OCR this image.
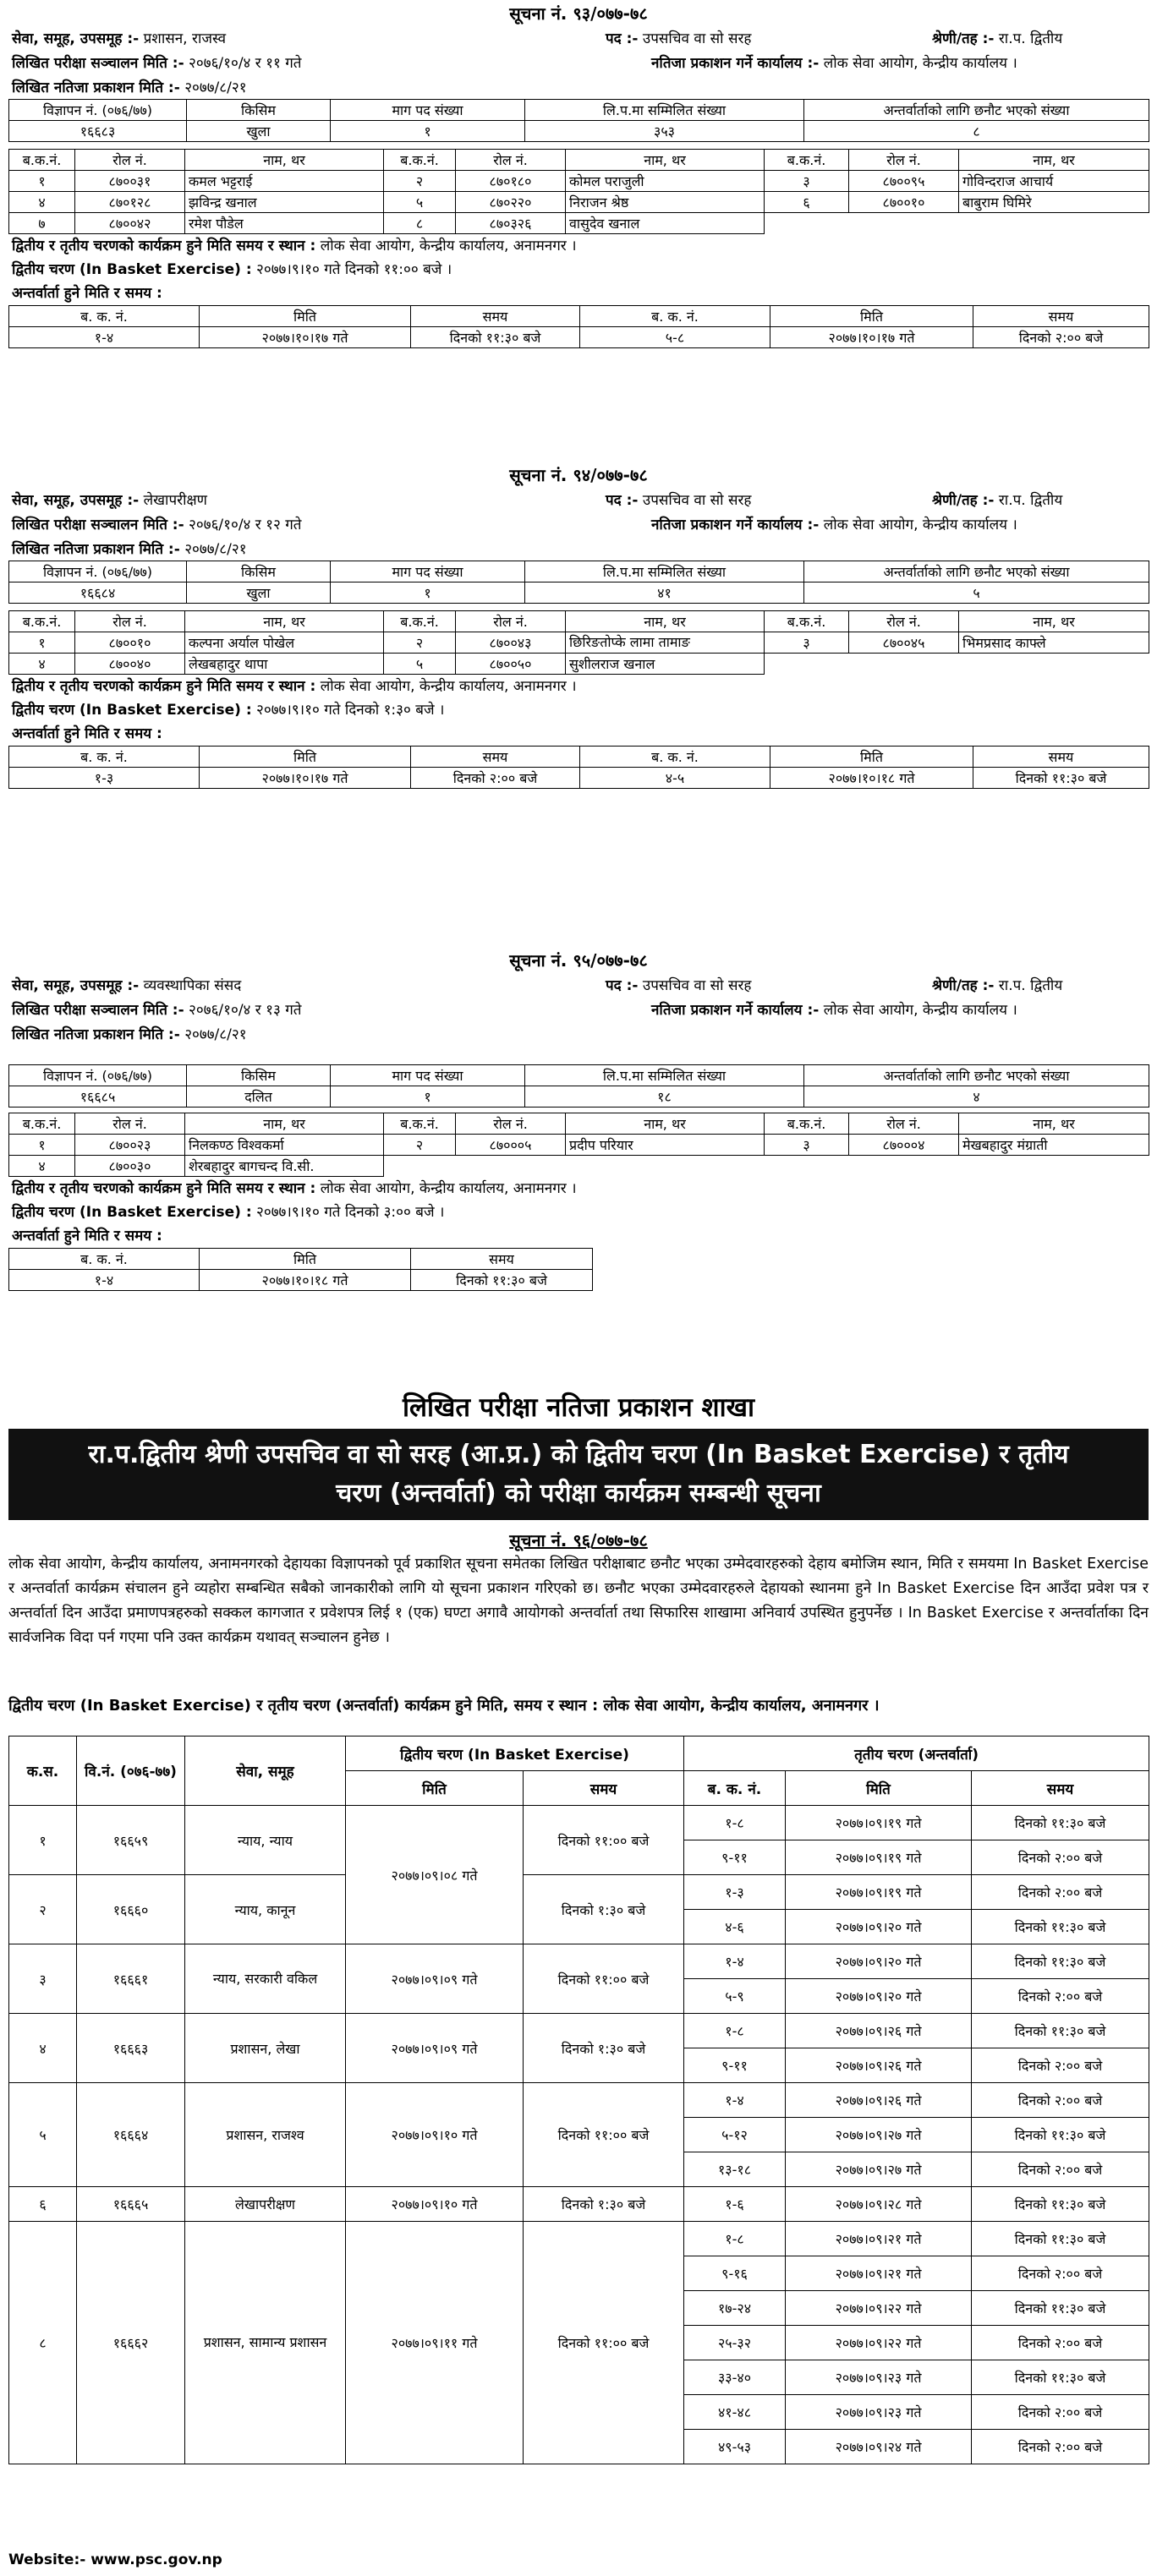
सूचना नं. ९३/०७७-७८
सेवा, समूह, उपसमूह :- प्रशासन, राजस्व	पद :- उपसचिव वा सो सरह	श्रेणी/तह :- रा.प. द्वितीय
लिखित परीक्षा सञ्चालन मिति :- २०७६/१०/४ र ११ गते	नतिजा प्रकाशन गर्ने कार्यालय :- लोक सेवा आयोग, केन्द्रीय कार्यालय ।
लिखित नतिजा प्रकाशन मिति :- २०७७/८/२१
विज्ञापन नं. (०७६/७७)	किसिम	माग पद संख्या	लि.प.मा सम्मिलित संख्या	अन्तर्वार्ताको लागि छनौट भएको संख्या
१६६८३	खुला	१	३५३	८
ब.क.नं.	रोल नं.	नाम, थर	ब.क.नं.	रोल नं.	नाम, थर	ब.क.नं.	रोल नं.	नाम, थर
१	८७००३१	कमल भट्टराई	२	८७०१८०	कोमल पराजुली	३	८७००९५	गोविन्दराज आचार्य
४	८७०१२८	झविन्द्र खनाल	५	८७०२२०	निराजन श्रेष्ठ	६	८७००१०	बाबुराम घिमिरे
७	८७००४२	रमेश पौडेल	८	८७०३२६	वासुदेव खनाल			
द्वितीय र तृतीय चरणको कार्यक्रम हुने मिति समय र स्थान : लोक सेवा आयोग, केन्द्रीय कार्यालय, अनामनगर ।
द्वितीय चरण (In Basket Exercise) : २०७७।९।१० गते दिनको ११:०० बजे ।
अन्तर्वार्ता हुने मिति र समय :
ब. क. नं.	मिति	समय	ब. क. नं.	मिति	समय
१-४	२०७७।१०।१७ गते	दिनको ११:३० बजे	५-८	२०७७।१०।१७ गते	दिनको २:०० बजे
सूचना नं. ९४/०७७-७८
सेवा, समूह, उपसमूह :- लेखापरीक्षण	पद :- उपसचिव वा सो सरह	श्रेणी/तह :- रा.प. द्वितीय
लिखित परीक्षा सञ्चालन मिति :- २०७६/१०/४ र १२ गते	नतिजा प्रकाशन गर्ने कार्यालय :- लोक सेवा आयोग, केन्द्रीय कार्यालय ।
लिखित नतिजा प्रकाशन मिति :- २०७७/८/२१
विज्ञापन नं. (०७६/७७)	किसिम	माग पद संख्या	लि.प.मा सम्मिलित संख्या	अन्तर्वार्ताको लागि छनौट भएको संख्या
१६६८४	खुला	१	४१	५
ब.क.नं.	रोल नं.	नाम, थर	ब.क.नं.	रोल नं.	नाम, थर	ब.क.नं.	रोल नं.	नाम, थर
१	८७००१०	कल्पना अर्याल पोखेल	२	८७००४३	छिरिङतोप्के लामा तामाङ	३	८७००४५	भिमप्रसाद काफ्ले
४	८७००४०	लेखबहादुर थापा	५	८७००५०	सुशीलराज खनाल			
द्वितीय र तृतीय चरणको कार्यक्रम हुने मिति समय र स्थान : लोक सेवा आयोग, केन्द्रीय कार्यालय, अनामनगर ।
द्वितीय चरण (In Basket Exercise) : २०७७।९।१० गते दिनको १:३० बजे ।
अन्तर्वार्ता हुने मिति र समय :
ब. क. नं.	मिति	समय	ब. क. नं.	मिति	समय
१-३	२०७७।१०।१७ गते	दिनको २:०० बजे	४-५	२०७७।१०।१८ गते	दिनको ११:३० बजे
सूचना नं. ९५/०७७-७८
सेवा, समूह, उपसमूह :- व्यवस्थापिका संसद	पद :- उपसचिव वा सो सरह	श्रेणी/तह :- रा.प. द्वितीय
लिखित परीक्षा सञ्चालन मिति :- २०७६/१०/४ र १३ गते	नतिजा प्रकाशन गर्ने कार्यालय :- लोक सेवा आयोग, केन्द्रीय कार्यालय ।
लिखित नतिजा प्रकाशन मिति :- २०७७/८/२१
विज्ञापन नं. (०७६/७७)	किसिम	माग पद संख्या	लि.प.मा सम्मिलित संख्या	अन्तर्वार्ताको लागि छनौट भएको संख्या
१६६८५	दलित	१	१८	४
ब.क.नं.	रोल नं.	नाम, थर	ब.क.नं.	रोल नं.	नाम, थर	ब.क.नं.	रोल नं.	नाम, थर
१	८७००२३	निलकण्ठ विश्वकर्मा	२	८७०००५	प्रदीप परियार	३	८७०००४	मेखबहादुर मंग्राती
४	८७००३०	शेरबहादुर बागचन्द वि.सी.						
द्वितीय र तृतीय चरणको कार्यक्रम हुने मिति समय र स्थान : लोक सेवा आयोग, केन्द्रीय कार्यालय, अनामनगर ।
द्वितीय चरण (In Basket Exercise) : २०७७।९।१० गते दिनको ३:०० बजे ।
अन्तर्वार्ता हुने मिति र समय :
ब. क. नं.	मिति	समय
१-४	२०७७।१०।१८ गते	दिनको ११:३० बजे
लिखित परीक्षा नतिजा प्रकाशन शाखा
रा.प.द्वितीय श्रेणी उपसचिव वा सो सरह (आ.प्र.) को द्वितीय चरण (In Basket Exercise) र तृतीय
चरण (अन्तर्वार्ता) को परीक्षा कार्यक्रम सम्बन्धी सूचना
सूचना नं. ९६/०७७-७८
लोक सेवा आयोग, केन्द्रीय कार्यालय, अनामनगरको देहायका विज्ञापनको पूर्व प्रकाशित सूचना समेतका लिखित परीक्षाबाट छनौट भएका उम्मेदवारहरुको देहाय बमोजिम स्थान, मिति र समयमा In Basket Exercise र अन्तर्वार्ता कार्यक्रम संचालन हुने व्यहोरा सम्बन्धित सबैको जानकारीको लागि यो सूचना प्रकाशन गरिएको छ। छनौट भएका उम्मेदवारहरुले देहायको स्थानमा हुने In Basket Exercise दिन आउँदा प्रवेश पत्र र अन्तर्वार्ता दिन आउँदा प्रमाणपत्रहरुको सक्कल कागजात र प्रवेशपत्र लिई १ (एक) घण्टा अगावै आयोगको अन्तर्वार्ता तथा सिफारिस शाखामा अनिवार्य उपस्थित हुनुपर्नेछ । In Basket Exercise र अन्तर्वार्ताका दिन सार्वजनिक विदा पर्न गएमा पनि उक्त कार्यक्रम यथावत् सञ्चालन हुनेछ ।
द्वितीय चरण (In Basket Exercise) र तृतीय चरण (अन्तर्वार्ता) कार्यक्रम हुने मिति, समय र स्थान : लोक सेवा आयोग, केन्द्रीय कार्यालय, अनामनगर ।
क.स.	वि.नं. (०७६-७७)	सेवा, समूह	द्वितीय चरण (In Basket Exercise)		तृतीय चरण (अन्तर्वार्ता)		
			मिति	समय	ब. क. नं.	मिति	समय
१	१६६५९	न्याय, न्याय	२०७७।०९।०८ गते	दिनको ११:०० बजे	१-८	२०७७।०९।१९ गते	दिनको ११:३० बजे
					९-११	२०७७।०९।१९ गते	दिनको २:०० बजे
२	१६६६०	न्याय, कानून		दिनको १:३० बजे	१-३	२०७७।०९।१९ गते	दिनको २:०० बजे
					४-६	२०७७।०९।२० गते	दिनको ११:३० बजे
३	१६६६१	न्याय, सरकारी वकिल	२०७७।०९।०९ गते	दिनको ११:०० बजे	१-४	२०७७।०९।२० गते	दिनको ११:३० बजे
					५-९	२०७७।०९।२० गते	दिनको २:०० बजे
४	१६६६३	प्रशासन, लेखा	२०७७।०९।०९ गते	दिनको १:३० बजे	१-८	२०७७।०९।२६ गते	दिनको ११:३० बजे
					९-११	२०७७।०९।२६ गते	दिनको २:०० बजे
५	१६६६४	प्रशासन, राजश्व	२०७७।०९।१० गते	दिनको ११:०० बजे	१-४	२०७७।०९।२६ गते	दिनको २:०० बजे
					५-१२	२०७७।०९।२७ गते	दिनको ११:३० बजे
					१३-१८	२०७७।०९।२७ गते	दिनको २:०० बजे
६	१६६६५	लेखापरीक्षण	२०७७।०९।१० गते	दिनको १:३० बजे	१-६	२०७७।०९।२८ गते	दिनको ११:३० बजे
८	१६६६२	प्रशासन, सामान्य प्रशासन	२०७७।०९।११ गते	दिनको ११:०० बजे	१-८	२०७७।०९।२१ गते	दिनको ११:३० बजे
					९-१६	२०७७।०९।२१ गते	दिनको २:०० बजे
					१७-२४	२०७७।०९।२२ गते	दिनको ११:३० बजे
					२५-३२	२०७७।०९।२२ गते	दिनको २:०० बजे
					३३-४०	२०७७।०९।२३ गते	दिनको ११:३० बजे
					४१-४८	२०७७।०९।२३ गते	दिनको २:०० बजे
					४९-५३	२०७७।०९।२४ गते	दिनको २:०० बजे
Website:- www.psc.gov.np
